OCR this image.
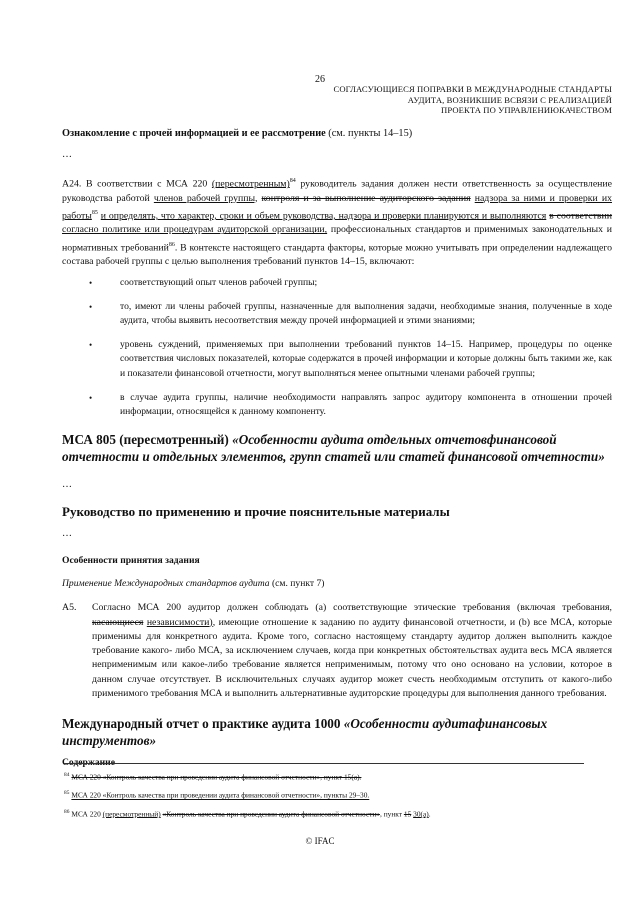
26
СОГЛАСУЮЩИЕСЯ ПОПРАВКИ В МЕЖДУНАРОДНЫЕ СТАНДАРТЫ
АУДИТА, ВОЗНИКШИЕ ВСВЯЗИ С РЕАЛИЗАЦИЕЙ
ПРОЕКТА ПО УПРАВЛЕНИЮКАЧЕСТВОМ
Ознакомление с прочей информацией и ее рассмотрение (см. пункты 14–15)
…
A24. В соответствии с МСА 220 (пересмотренным)$^{84}$ руководитель задания должен нести ответственность за осуществление руководства работой членов рабочей группы, контроля и за выполнение аудиторского задания надзора за ними и проверки их работы$^{85}$ и определять, что характер, сроки и объем руководства, надзора и проверки планируются и выполняются в соответствии согласно политике или процедурам аудиторской организации, профессиональных стандартов и применимых законодательных и нормативных требований$^{86}$. В контексте настоящего стандарта факторы, которые можно учитывать при определении надлежащего состава рабочей группы с целью выполнения требований пунктов 14–15, включают:
•	соответствующий опыт членов рабочей группы;
•	то, имеют ли члены рабочей группы, назначенные для выполнения задачи, необходимые знания, полученные в ходе аудита, чтобы выявить несоответствия между прочей информацией и этими знаниями;
•	уровень суждений, применяемых при выполнении требований пунктов 14–15. Например, процедуры по оценке соответствия числовых показателей, которые содержатся в прочей информации и которые должны быть такими же, как и показатели финансовой отчетности, могут выполняться менее опытными членами рабочей группы;
•	в случае аудита группы, наличие необходимости направлять запрос аудитору компонента в отношении прочей информации, относящейся к данному компоненту.
МСА 805 (пересмотренный) «Особенности аудита отдельных отчетовфинансовой отчетности и отдельных элементов, групп статей или статей финансовой отчетности»
…
Руководство по применению и прочие пояснительные материалы
…
Особенности принятия задания
Применение Международных стандартов аудита (см. пункт 7)
A5. Согласно МСА 200 аудитор должен соблюдать (a) соответствующие этические требования (включая требования, касающиеся независимости), имеющие отношение к заданию по аудиту финансовой отчетности, и (b) все МСА, которые применимы для конкретного аудита. Кроме того, согласно настоящему стандарту аудитор должен выполнить каждое требование какого- либо МСА, за исключением случаев, когда при конкретных обстоятельствах аудита весь МСА является неприменимым или какое-либо требование является неприменимым, потому что оно основано на условии, которое в данном случае отсутствует. В исключительных случаях аудитор может счесть необходимым отступить от какого-либо применимого требования МСА и выполнить альтернативные аудиторские процедуры для выполнения данного требования.
Международный отчет о практике аудита 1000 «Особенности аудитафинансовых инструментов»
Содержание
$^{84}$ МСА 220 «Контроль качества при проведении аудита финансовой отчетности», пункт 15(a).
$^{85}$ МСА 220 «Контроль качества при проведении аудита финансовой отчетности», пункты 29–30.
$^{86}$ МСА 220 (пересмотренный) «Контроль качества при проведении аудита финансовой отчетности», пункт 15 30(a).
© IFAC
